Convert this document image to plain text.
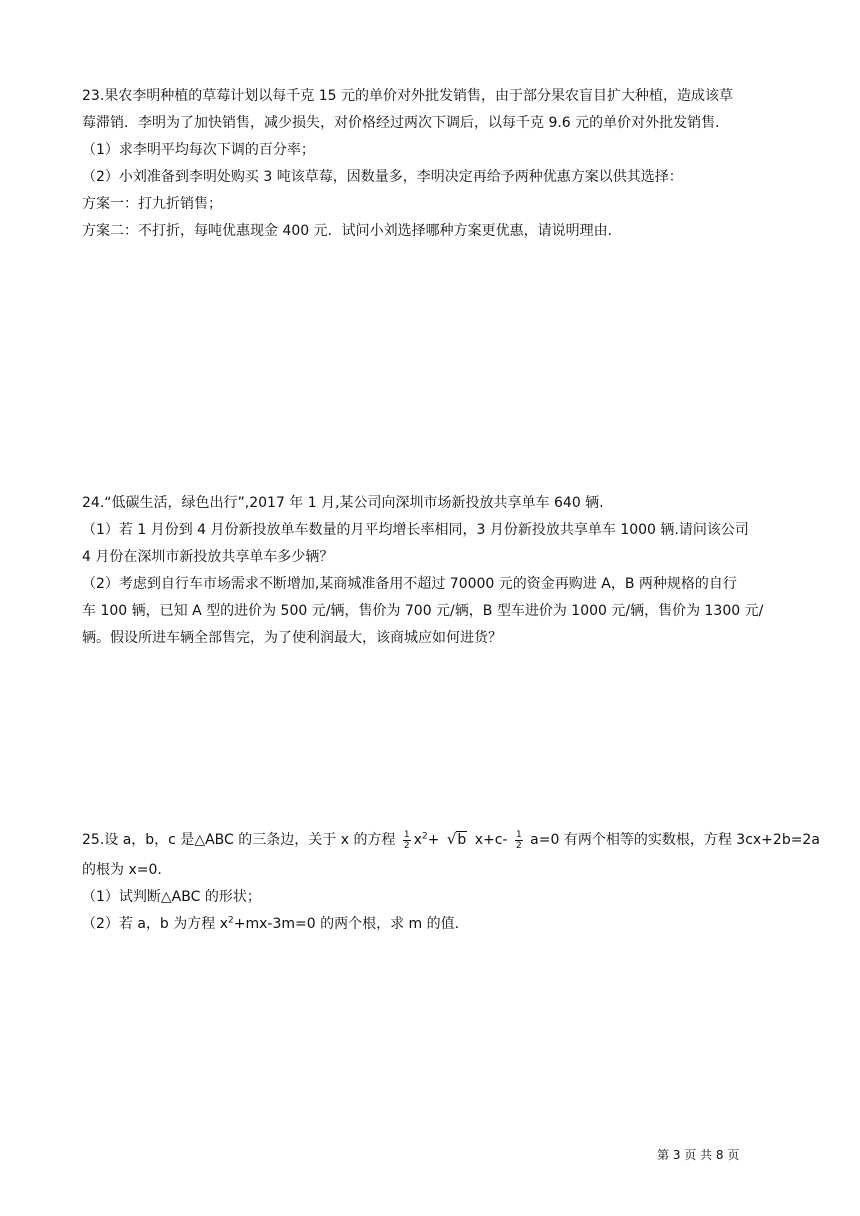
23.果农李明种植的草莓计划以每千克 15 元的单价对外批发销售，由于部分果农盲目扩大种植，造成该草
莓滞销．李明为了加快销售，减少损失，对价格经过两次下调后，以每千克 9.6 元的单价对外批发销售．
（1）求李明平均每次下调的百分率；
（2）小刘准备到李明处购买 3 吨该草莓，因数量多，李明决定再给予两种优惠方案以供其选择：
方案一：打九折销售；
方案二：不打折，每吨优惠现金 400 元．试问小刘选择哪种方案更优惠，请说明理由．
24.“低碳生活，绿色出行”,2017 年 1 月,某公司向深圳市场新投放共享单车 640 辆.
（1）若 1 月份到 4 月份新投放单车数量的月平均增长率相同，3 月份新投放共享单车 1000 辆.请问该公司
4 月份在深圳市新投放共享单车多少辆？
（2）考虑到自行车市场需求不断增加,某商城准备用不超过 70000 元的资金再购进 A，B 两种规格的自行
车 100 辆，已知 A 型的进价为 500 元/辆，售价为 700 元/辆，B 型车进价为 1000 元/辆，售价为 1300 元/
辆。假设所进车辆全部售完，为了使利润最大，该商城应如何进货？
25.设 a，b，c 是△ABC 的三条边，关于 x 的方程 $\frac{1}{2} x^2+ √b$ $x+c- \frac{1}{2} a=0$ 有两个相等的实数根，方程 3cx+2b=2a
的根为 x=0.
（1）试判断△ABC 的形状；
（2）若 a，b 为方程 $x^2+mx-3m=0$ 的两个根，求 m 的值.
第 3 页 共 8 页
